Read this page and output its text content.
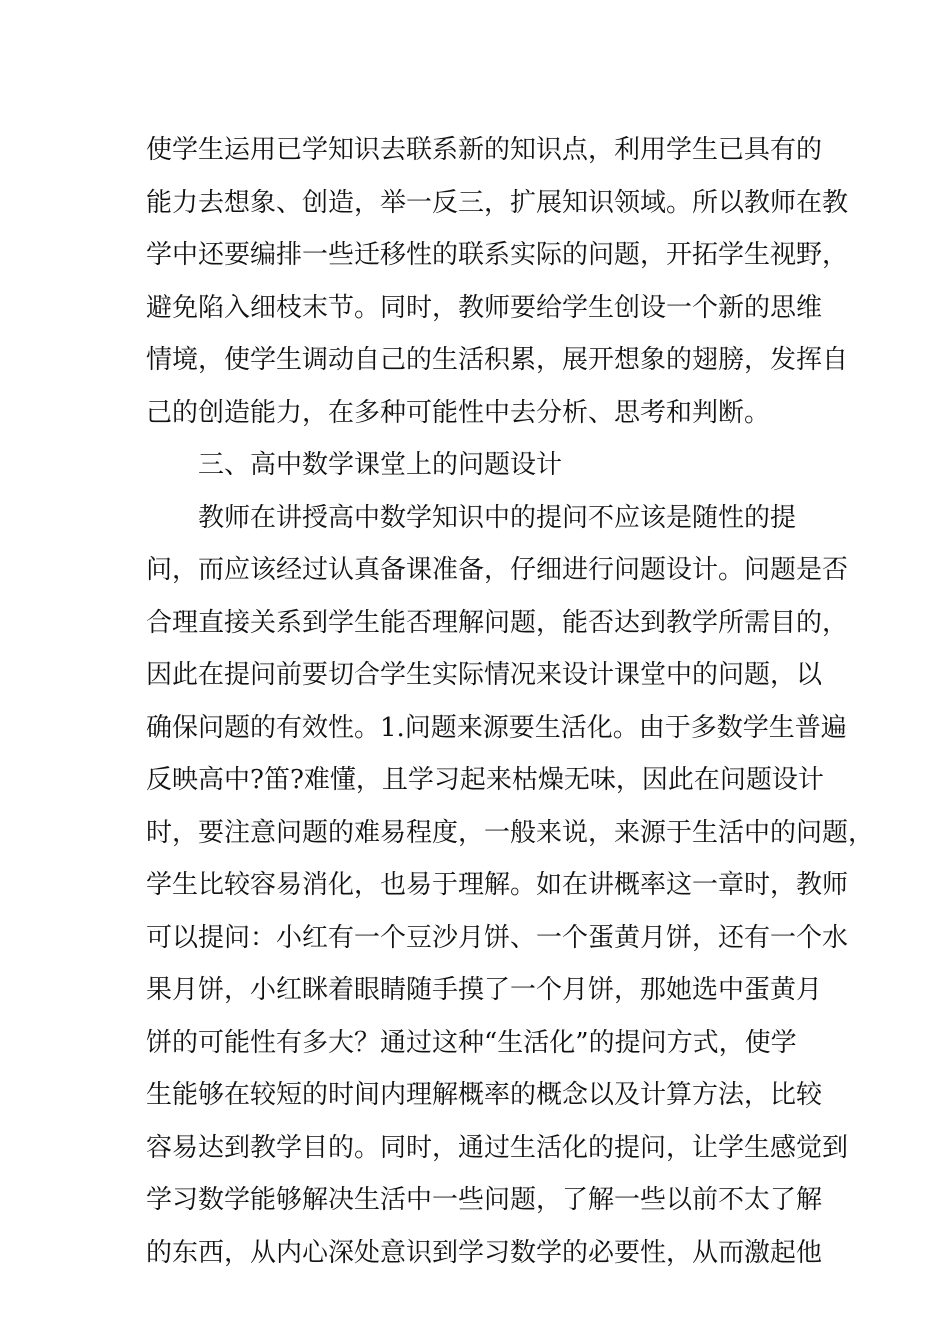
使学生运用已学知识去联系新的知识点，利用学生已具有的
能力去想象、创造，举一反三，扩展知识领域。所以教师在教
学中还要编排一些迁移性的联系实际的问题，开拓学生视野，
避免陷入细枝末节。同时，教师要给学生创设一个新的思维
情境，使学生调动自己的生活积累，展开想象的翅膀，发挥自
己的创造能力，在多种可能性中去分析、思考和判断。
三、高中数学课堂上的问题设计
教师在讲授高中数学知识中的提问不应该是随性的提
问，而应该经过认真备课准备，仔细进行问题设计。问题是否
合理直接关系到学生能否理解问题，能否达到教学所需目的，
因此在提问前要切合学生实际情况来设计课堂中的问题，以
确保问题的有效性。1.问题来源要生活化。由于多数学生普遍
反映高中?笛?难懂，且学习起来枯燥无味，因此在问题设计
时，要注意问题的难易程度，一般来说，来源于生活中的问题，
学生比较容易消化，也易于理解。如在讲概率这一章时，教师
可以提问：小红有一个豆沙月饼、一个蛋黄月饼，还有一个水
果月饼，小红眯着眼睛随手摸了一个月饼，那她选中蛋黄月
饼的可能性有多大？通过这种“生活化”的提问方式，使学
生能够在较短的时间内理解概率的概念以及计算方法，比较
容易达到教学目的。同时，通过生活化的提问，让学生感觉到
学习数学能够解决生活中一些问题，了解一些以前不太了解
的东西，从内心深处意识到学习数学的必要性，从而激起他
